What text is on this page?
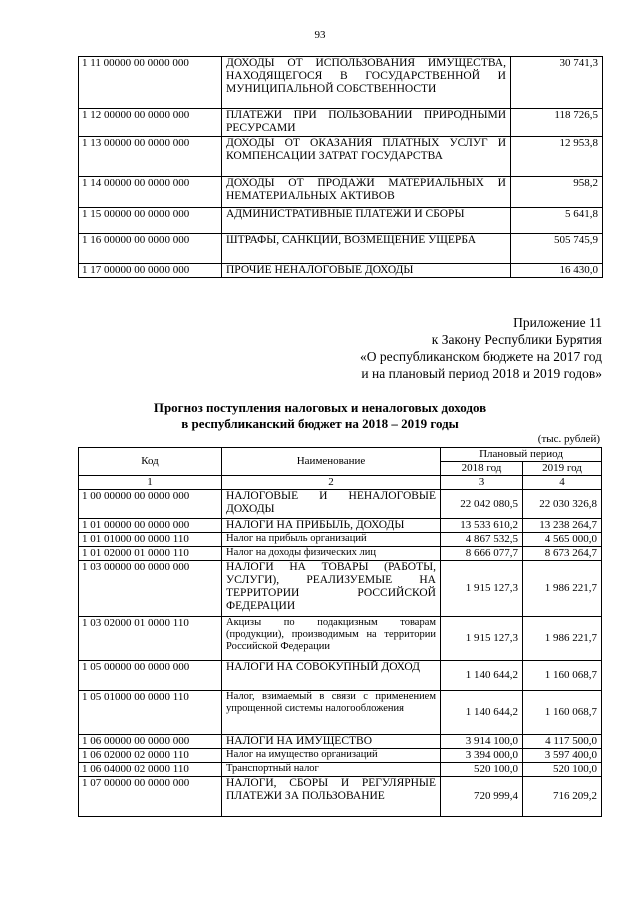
93
1 11 00000 00 0000 000	ДОХОДЫ ОТ ИСПОЛЬЗОВАНИЯ ИМУЩЕСТВА, НАХОДЯЩЕГОСЯ В ГОСУДАРСТВЕННОЙ И МУНИЦИПАЛЬНОЙ СОБСТВЕННОСТИ	30 741,3
1 12 00000 00 0000 000	ПЛАТЕЖИ ПРИ ПОЛЬЗОВАНИИ ПРИРОДНЫМИ РЕСУРСАМИ	118 726,5
1 13 00000 00 0000 000	ДОХОДЫ ОТ ОКАЗАНИЯ ПЛАТНЫХ УСЛУГ И КОМПЕНСАЦИИ ЗАТРАТ ГОСУДАРСТВА	12 953,8
1 14 00000 00 0000 000	ДОХОДЫ ОТ ПРОДАЖИ МАТЕРИАЛЬНЫХ И НЕМАТЕРИАЛЬНЫХ АКТИВОВ	958,2
1 15 00000 00 0000 000	АДМИНИСТРАТИВНЫЕ ПЛАТЕЖИ И СБОРЫ	5 641,8
1 16 00000 00 0000 000	ШТРАФЫ, САНКЦИИ, ВОЗМЕЩЕНИЕ УЩЕРБА	505 745,9
1 17 00000 00 0000 000	ПРОЧИЕ НЕНАЛОГОВЫЕ ДОХОДЫ	16 430,0
Приложение 11
к Закону Республики Бурятия
«О республиканском бюджете на 2017 год
и на плановый период 2018 и 2019 годов»
Прогноз поступления налоговых и неналоговых доходов
в республиканский бюджет на 2018 – 2019 годы
(тыс. рублей)
Код	Наименование	Плановый период	
		2018 год	2019 год
1	2	3	4
1 00 00000 00 0000 000	НАЛОГОВЫЕ И НЕНАЛОГОВЫЕ ДОХОДЫ	22 042 080,5	22 030 326,8
1 01 00000 00 0000 000	НАЛОГИ НА ПРИБЫЛЬ, ДОХОДЫ	13 533 610,2	13 238 264,7
1 01 01000 00 0000 110	Налог на прибыль организаций	4 867 532,5	4 565 000,0
1 01 02000 01 0000 110	Налог на доходы физических лиц	8 666 077,7	8 673 264,7
1 03 00000 00 0000 000	НАЛОГИ НА ТОВАРЫ (РАБОТЫ, УСЛУГИ), РЕАЛИЗУЕМЫЕ НА ТЕРРИТОРИИ РОССИЙСКОЙ ФЕДЕРАЦИИ	1 915 127,3	1 986 221,7
1 03 02000 01 0000 110	Акцизы по подакцизным товарам (продукции), производимым на территории Российской Федерации	1 915 127,3	1 986 221,7
1 05 00000 00 0000 000	НАЛОГИ НА СОВОКУПНЫЙ ДОХОД	1 140 644,2	1 160 068,7
1 05 01000 00 0000 110	Налог, взимаемый в связи с применением упрощенной системы налогообложения	1 140 644,2	1 160 068,7
1 06 00000 00 0000 000	НАЛОГИ НА ИМУЩЕСТВО	3 914 100,0	4 117 500,0
1 06 02000 02 0000 110	Налог на имущество организаций	3 394 000,0	3 597 400,0
1 06 04000 02 0000 110	Транспортный налог	520 100,0	520 100,0
1 07 00000 00 0000 000	НАЛОГИ, СБОРЫ И РЕГУЛЯРНЫЕ ПЛАТЕЖИ ЗА ПОЛЬЗОВАНИЕ	720 999,4	716 209,2
